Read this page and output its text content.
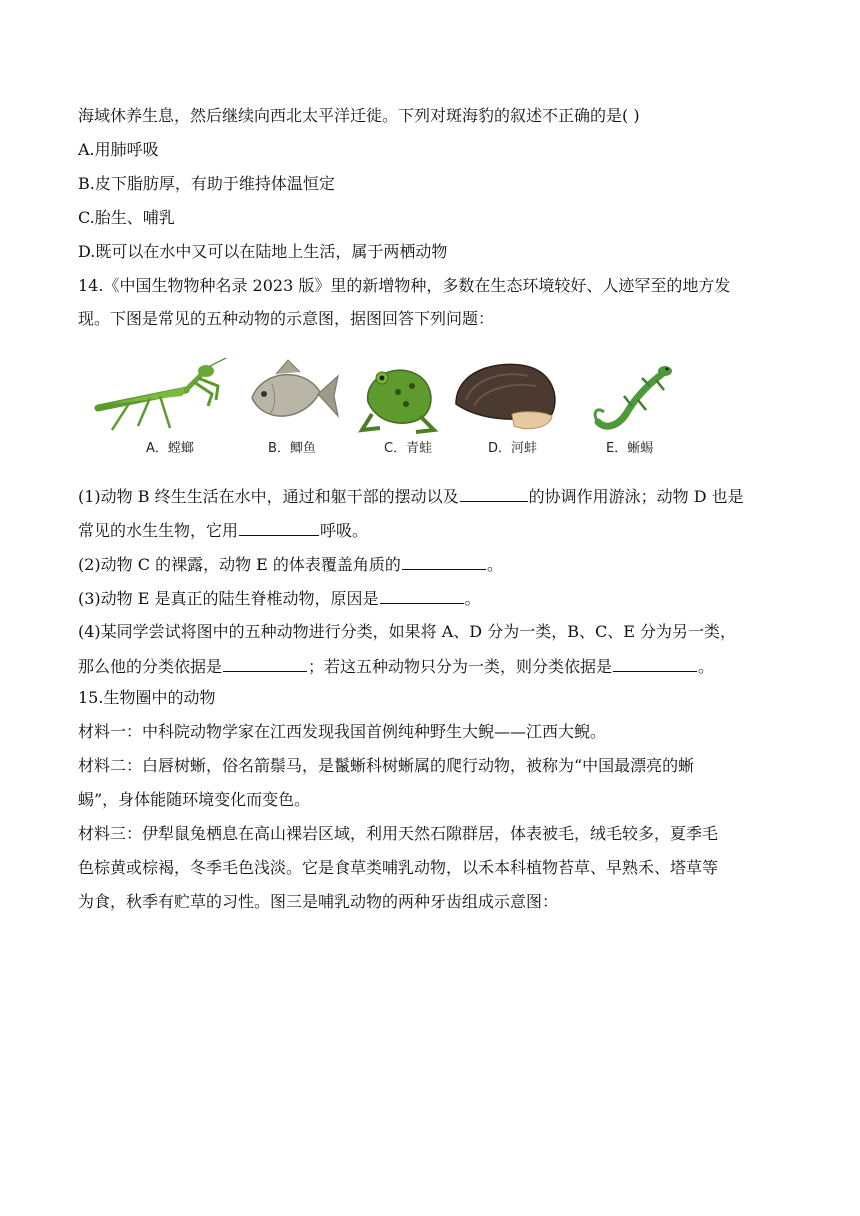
海域休养生息，然后继续向西北太平洋迁徙。下列对斑海豹的叙述不正确的是( )
A.用肺呼吸
B.皮下脂肪厚，有助于维持体温恒定
C.胎生、哺乳
D.既可以在水中又可以在陆地上生活，属于两栖动物
14.《中国生物物种名录 2023 版》里的新增物种，多数在生态环境较好、人迹罕至的地方发
现。下图是常见的五种动物的示意图，据图回答下列问题：
A．螳螂	B．鲫鱼	C．青蛙	D．河蚌	E．蜥蜴
(1)动物 B 终生生活在水中，通过和躯干部的摆动以及	的协调作用游泳；动物 D 也是
常见的水生生物，它用	呼吸。
(2)动物 C 的裸露，动物 E 的体表覆盖角质的	。
(3)动物 E 是真正的陆生脊椎动物，原因是	。
(4)某同学尝试将图中的五种动物进行分类，如果将 A、D 分为一类，B、C、E 分为另一类，
那么他的分类依据是	；若这五种动物只分为一类，则分类依据是	。
15.生物圈中的动物
材料一：中科院动物学家在江西发现我国首例纯种野生大鲵——江西大鲵。
材料二：白唇树蜥，俗名箭鬃马，是鬣蜥科树蜥属的爬行动物，被称为“中国最漂亮的蜥
蜴”，身体能随环境变化而变色。
材料三：伊犁鼠兔栖息在高山裸岩区域，利用天然石隙群居，体表被毛，绒毛较多，夏季毛
色棕黄或棕褐，冬季毛色浅淡。它是食草类哺乳动物，以禾本科植物苔草、早熟禾、塔草等
为食，秋季有贮草的习性。图三是哺乳动物的两种牙齿组成示意图：
